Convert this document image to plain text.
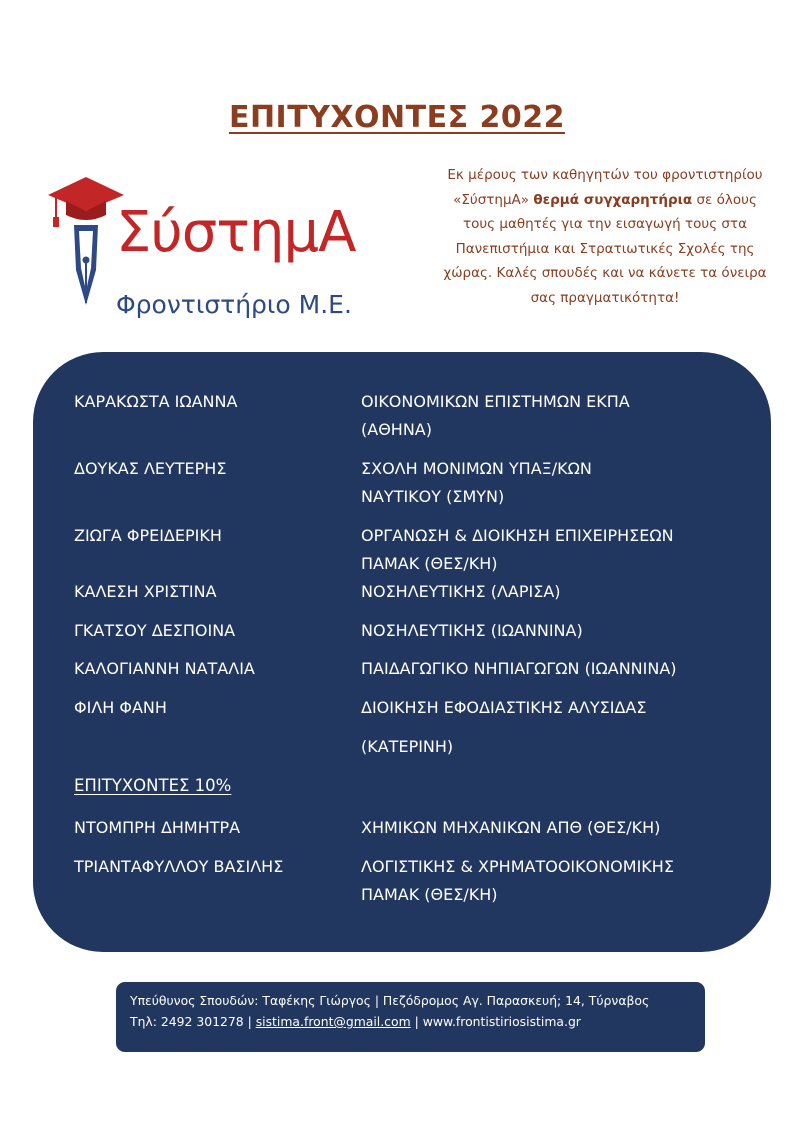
ΕΠΙΤΥΧΟΝΤΕΣ 2022
ΣύστημΑ
Φροντιστήριο Μ.Ε.
Εκ μέρους των καθηγητών του φροντιστηρίου «ΣύστημΑ» θερμά συγχαρητήρια σε όλους τους μαθητές για την εισαγωγή τους στα Πανεπιστήμια και Στρατιωτικές Σχολές της χώρας. Καλές σπουδές και να κάνετε τα όνειρα σας πραγματικότητα!
ΚΑΡΑΚΩΣΤΑ ΙΩΑΝΝΑ	ΟΙΚΟΝΟΜΙΚΩΝ ΕΠΙΣΤΗΜΩΝ ΕΚΠΑ
(ΑΘΗΝΑ)
ΔΟΥΚΑΣ ΛΕΥΤΕΡΗΣ	ΣΧΟΛΗ ΜΟΝΙΜΩΝ ΥΠΑΞ/ΚΩΝ
ΝΑΥΤΙΚΟΥ (ΣΜΥΝ)
ΖΙΩΓΑ ΦΡΕΙΔΕΡΙΚΗ	ΟΡΓΑΝΩΣΗ & ΔΙΟΙΚΗΣΗ ΕΠΙΧΕΙΡΗΣΕΩΝ
ΠΑΜΑΚ (ΘΕΣ/ΚΗ)
ΚΑΛΕΣΗ ΧΡΙΣΤΙΝΑ	ΝΟΣΗΛΕΥΤΙΚΗΣ (ΛΑΡΙΣΑ)
ΓΚΑΤΣΟΥ ΔΕΣΠΟΙΝΑ	ΝΟΣΗΛΕΥΤΙΚΗΣ (ΙΩΑΝΝΙΝΑ)
ΚΑΛΟΓΙΑΝΝΗ ΝΑΤΑΛΙΑ	ΠΑΙΔΑΓΩΓΙΚΟ ΝΗΠΙΑΓΩΓΩΝ (ΙΩΑΝΝΙΝΑ)
ΦΙΛΗ ΦΑΝΗ	ΔΙΟΙΚΗΣΗ ΕΦΟΔΙΑΣΤΙΚΗΣ ΑΛΥΣΙΔΑΣ
(ΚΑΤΕΡΙΝΗ)
ΕΠΙΤΥΧΟΝΤΕΣ 10%
ΝΤΟΜΠΡΗ ΔΗΜΗΤΡΑ	ΧΗΜΙΚΩΝ ΜΗΧΑΝΙΚΩΝ ΑΠΘ (ΘΕΣ/ΚΗ)
ΤΡΙΑΝΤΑΦΥΛΛΟΥ ΒΑΣΙΛΗΣ	ΛΟΓΙΣΤΙΚΗΣ & ΧΡΗΜΑΤΟΟΙΚΟΝΟΜΙΚΗΣ
ΠΑΜΑΚ (ΘΕΣ/ΚΗ)
Υπεύθυνος Σπουδών: Ταφέκης Γιώργος | Πεζόδρομος Αγ. Παρασκευή; 14, Τύρναβος
Τηλ: 2492 301278 | sistima.front@gmail.com | www.frontistiriosistima.gr
